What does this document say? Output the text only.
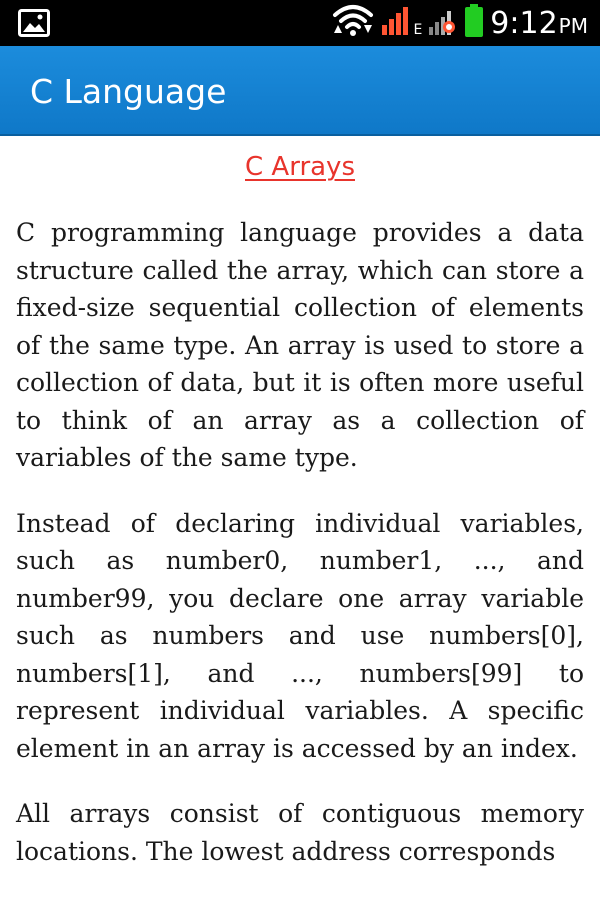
E 9:12 PM
C Language
C Arrays

C programming language provides a data structure called the array, which can store a fixed-size sequential collection of elements of the same type. An array is used to store a collection of data, but it is often more useful to think of an array as a collection of variables of the same type.

Instead of declaring individual variables, such as number0, number1, ..., and number99, you declare one array variable such as numbers and use numbers[0], numbers[1], and ..., numbers[99] to represent individual variables. A specific element in an array is accessed by an index.

All arrays consist of contiguous memory locations. The lowest address corresponds
